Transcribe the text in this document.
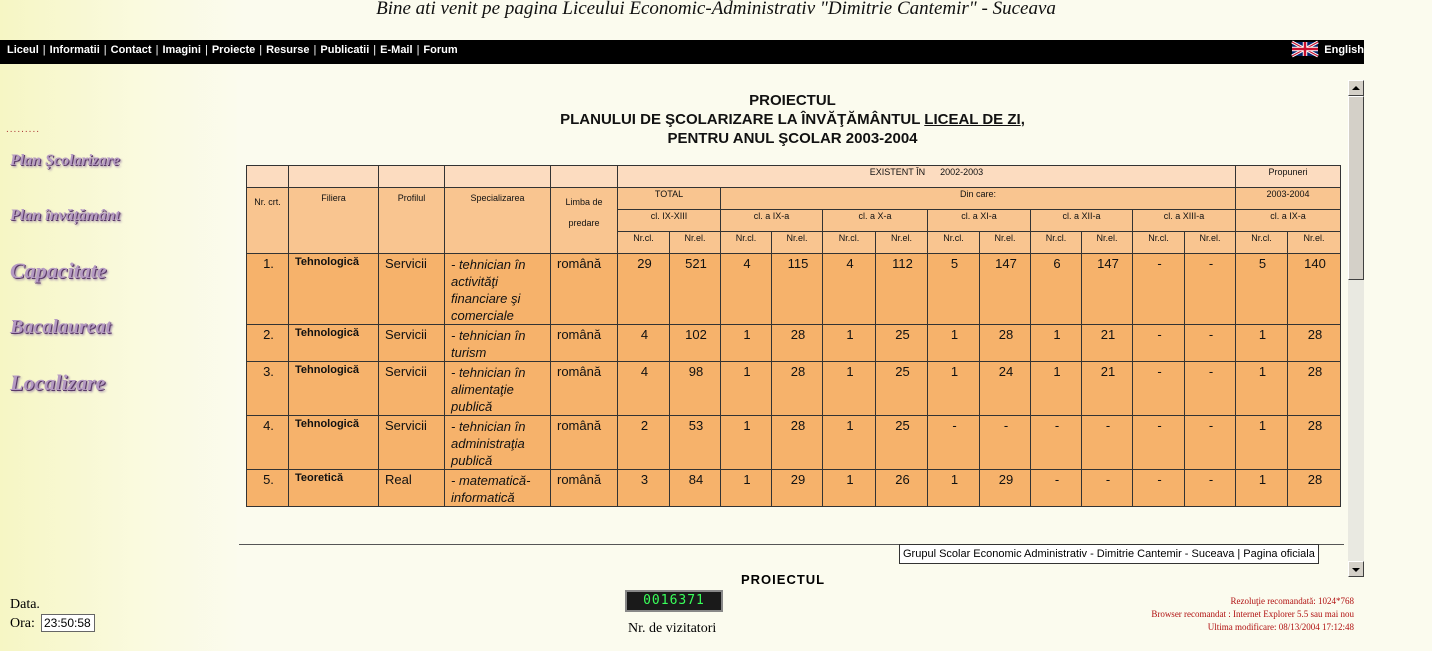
Bine ati venit pe pagina Liceului Economic-Administrativ "Dimitrie Cantemir" - Suceava
Liceul | Informatii | Contact | Imagini | Proiecte | Resurse | Publicatii | E-Mail | Forum	English
.........
Plan Școlarizare
Plan învățământ
Capacitate
Bacalaureat
Localizare
PROIECTUL
PLANULUI DE ŞCOLARIZARE LA ÎNVĂŢĂMÂNTUL LICEAL DE ZI,
PENTRU ANUL ŞCOLAR 2003-2004
					EXISTENT ÎN      2002-2003												Propuneri	
Nr. crt.	Filiera	Profilul	Specializarea	Limba de predare	TOTAL		Din care:										2003-2004	
					cl. IX-XIII		cl. a IX-a		cl. a X-a		cl. a XI-a		cl. a XII-a		cl. a XIII-a		cl. a IX-a	
					Nr.cl.	Nr.el.	Nr.cl.	Nr.el.	Nr.cl.	Nr.el.	Nr.cl.	Nr.el.	Nr.cl.	Nr.el.	Nr.cl.	Nr.el.	Nr.cl.	Nr.el.
1.	Tehnologică	Servicii	- tehnician în activităţi financiare şi comerciale	română	29	521	4	115	4	112	5	147	6	147	-	-	5	140
2.	Tehnologică	Servicii	- tehnician în turism	română	4	102	1	28	1	25	1	28	1	21	-	-	1	28
3.	Tehnologică	Servicii	- tehnician în alimentaţie publică	română	4	98	1	28	1	25	1	24	1	21	-	-	1	28
4.	Tehnologică	Servicii	- tehnician în administraţia publică	română	2	53	1	28	1	25	-	-	-	-	-	-	1	28
5.	Teoretică	Real	- matematică-informatică	română	3	84	1	29	1	26	1	29	-	-	-	-	1	28
Grupul Scolar Economic Administrativ - Dimitrie Cantemir - Suceava | Pagina oficiala
PROIECTUL
Data.
Ora:
23:50:58
0016371
Nr. de vizitatori
Rezoluţie recomandată: 1024*768
Browser recomandat : Internet Explorer 5.5 sau mai nou
Ultima modificare: 08/13/2004 17:12:48
